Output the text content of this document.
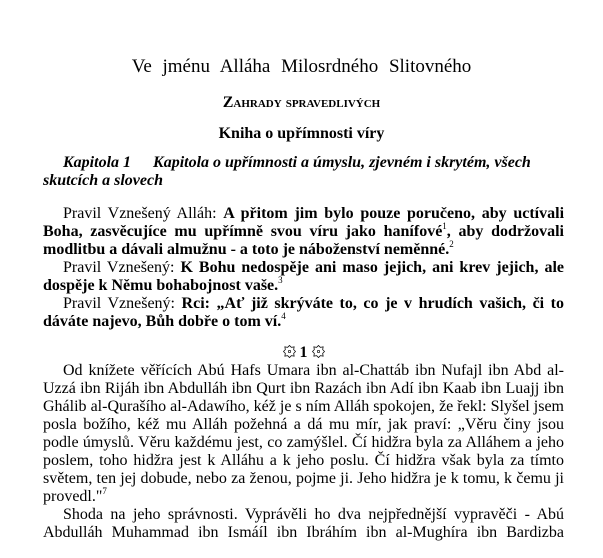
Ve jménu Alláha Milosrdného Slitovného
Zahrady spravedlivých
Kniha o upřímnosti víry
Kapitola 1 Kapitola o upřímnosti a úmyslu, zjevném i skrytém, všech skutcích a slovech

Pravil Vznešený Alláh: A přitom jim bylo pouze poručeno, aby uctívali Boha, zasvěcujíce mu upřímně svou víru jako hanífové$^1$, aby dodržovali modlitbu a dávali almužnu - a toto je náboženství neměnné.$^2$

Pravil Vznešený: K Bohu nedospěje ani maso jejich, ani krev jejich, ale dospěje k Němu bohabojnost vaše.$^3$

Pravil Vznešený: Rci: „Ať již skrýváte to, co je v hrudích vašich, či to dáváte najevo, Bůh dobře o tom ví.$^4$

1

Od knížete věřících Abú Hafs Umara ibn al-Chattáb ibn Nufajl ibn Abd al-Uzzá ibn Rijáh ibn Abdulláh ibn Qurt ibn Razách ibn Adí ibn Kaab ibn Luajj ibn Ghálib al-Qurašího al-Adawího, kéž je s ním Alláh spokojen, že řekl: Slyšel jsem posla božího, kéž mu Alláh požehná a dá mu mír, jak praví: „Věru činy jsou podle úmyslů. Věru každému jest, co zamýšlel. Čí hidžra byla za Alláhem a jeho poslem, toho hidžra jest k Alláhu a k jeho poslu. Čí hidžra však byla za tímto světem, ten jej dobude, nebo za ženou, pojme ji. Jeho hidžra je k tomu, k čemu ji provedl."$^7$

Shoda na jeho správnosti. Vyprávěli ho dva nejpřednější vypravěči - Abú Abdulláh Muhammad ibn Ismáíl ibn Ibráhím ibn al-Mughíra ibn Bardizba
